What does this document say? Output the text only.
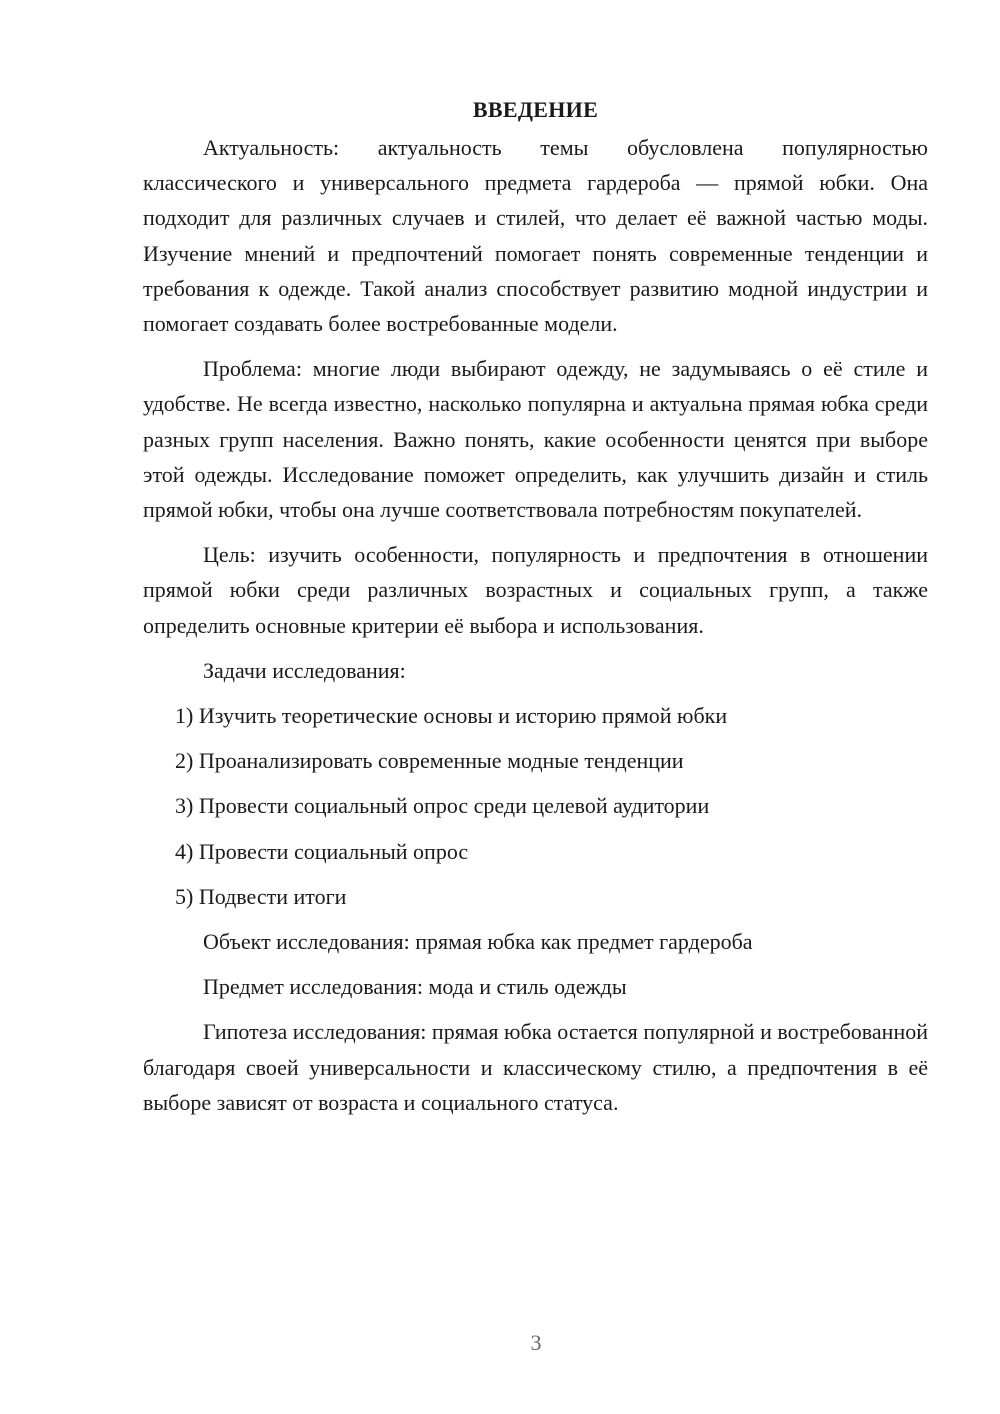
ВВЕДЕНИЕ

Актуальность: актуальность темы обусловлена популярностью классического и универсального предмета гардероба — прямой юбки. Она подходит для различных случаев и стилей, что делает её важной частью моды. Изучение мнений и предпочтений помогает понять современные тенденции и требования к одежде. Такой анализ способствует развитию модной индустрии и помогает создавать более востребованные модели.

Проблема: многие люди выбирают одежду, не задумываясь о её стиле и удобстве. Не всегда известно, насколько популярна и актуальна прямая юбка среди разных групп населения. Важно понять, какие особенности ценятся при выборе этой одежды. Исследование поможет определить, как улучшить дизайн и стиль прямой юбки, чтобы она лучше соответствовала потребностям покупателей.

Цель: изучить особенности, популярность и предпочтения в отношении прямой юбки среди различных возрастных и социальных групп, а также определить основные критерии её выбора и использования.

Задачи исследования:
1) Изучить теоретические основы и историю прямой юбки
2) Проанализировать современные модные тенденции
3) Провести социальный опрос среди целевой аудитории
4) Провести социальный опрос
5) Подвести итоги
Объект исследования: прямая юбка как предмет гардероба
Предмет исследования: мода и стиль одежды

Гипотеза исследования: прямая юбка остается популярной и востребованной благодаря своей универсальности и классическому стилю, а предпочтения в её выборе зависят от возраста и социального статуса.

3
